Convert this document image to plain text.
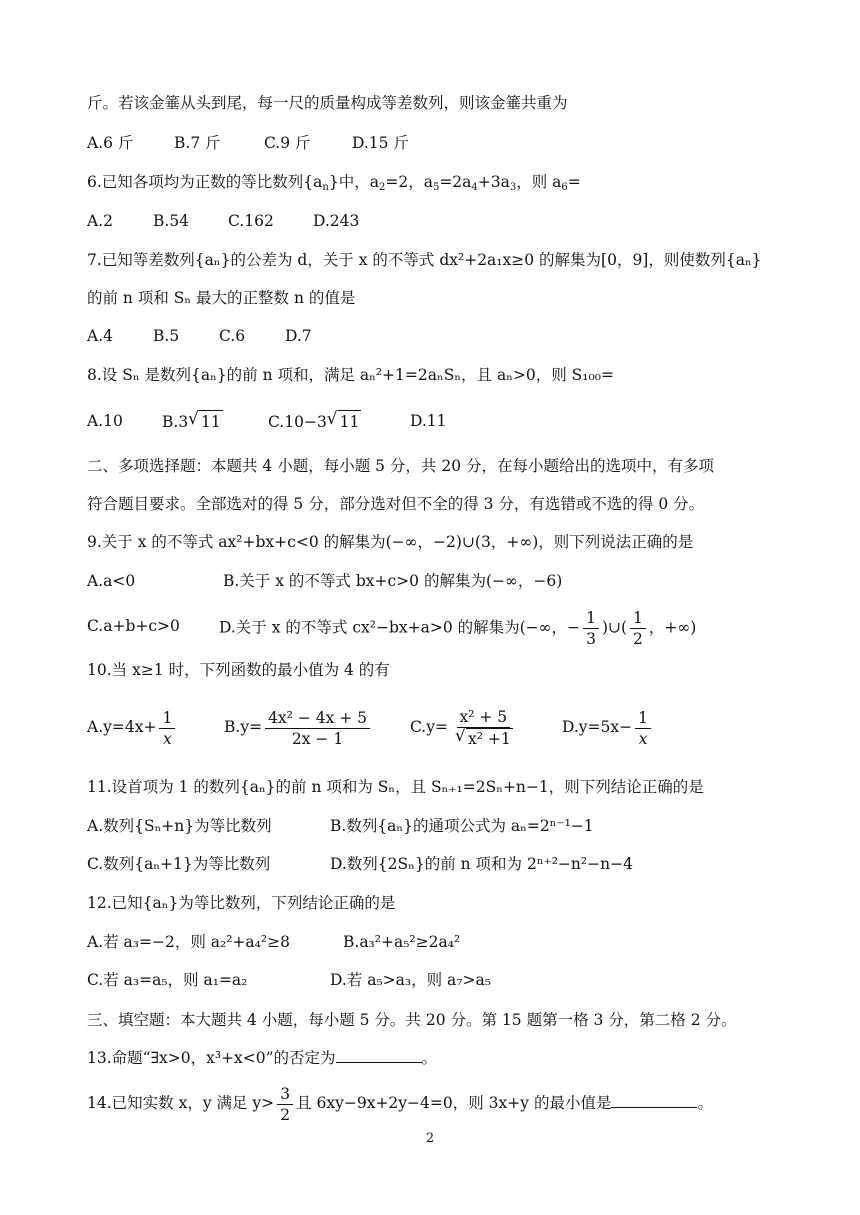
斤。若该金箠从头到尾，每一尺的质量构成等差数列，则该金箠共重为
A.6 斤	B.7 斤	C.9 斤	D.15 斤
6.已知各项均为正数的等比数列$\{a_n\}$中，$a_2=2$，$a_5=2a_4+3a_3$，则 $a_6=$
A.2	B.54	C.162	D.243
7.已知等差数列{aₙ}的公差为 d，关于 x 的不等式 dx²+2a₁x≥0 的解集为[0，9]，则使数列{aₙ}
的前 n 项和 Sₙ 最大的正整数 n 的值是
A.4	B.5	C.6	D.7
8.设 Sₙ 是数列{aₙ}的前 n 项和，满足 aₙ²+1=2aₙSₙ，且 aₙ>0，则 S₁₀₀=
A.10	B.3 √ 11	C.10−3 √ 11	D.11
二、多项选择题：本题共 4 小题，每小题 5 分，共 20 分，在每小题给出的选项中，有多项
符合题目要求。全部选对的得 5 分，部分选对但不全的得 3 分，有选错或不选的得 0 分。
9.关于 x 的不等式 ax²+bx+c<0 的解集为(−∞，−2)∪(3，+∞)，则下列说法正确的是
A.a<0	B.关于 x 的不等式 bx+c>0 的解集为(−∞，−6)
C.a+b+c>0	D.关于 x 的不等式 cx²−bx+a>0 的解集为(−∞，− $\frac{1}{3}$ )∪( $\frac{1}{2}$ ，+∞)
10.当 x≥1 时，下列函数的最小值为 4 的有
$A.y=4x+ \frac{1}{x}$	$B.y= \frac{\text{4x² − 4x + 5}}{2x - 1}$	C.y= x² + 5
√ x² +1	$D.y=5x- \frac{1}{x}$
11.设首项为 1 的数列{aₙ}的前 n 项和为 Sₙ，且 Sₙ₊₁=2Sₙ+n−1，则下列结论正确的是
A.数列{Sₙ+n}为等比数列	B.数列{aₙ}的通项公式为 aₙ=2ⁿ⁻¹−1
C.数列{aₙ+1}为等比数列	D.数列{2Sₙ}的前 n 项和为 2ⁿ⁺²−n²−n−4
12.已知{aₙ}为等比数列，下列结论正确的是
A.若 a₃=−2，则 a₂²+a₄²≥8	B.a₃²+a₅²≥2a₄²
C.若 a₃=a₅，则 a₁=a₂	D.若 a₅>a₃，则 a₇>a₅
三、填空题：本大题共 4 小题，每小题 5 分。共 20 分。第 15 题第一格 3 分，第二格 2 分。
13.命题“∃x>0，x³+x<0”的否定为	。
14.已知实数 x，y 满足 $y> \frac{3}{2}$ 且 6xy−9x+2y−4=0，则 3x+y 的最小值是	。
2
